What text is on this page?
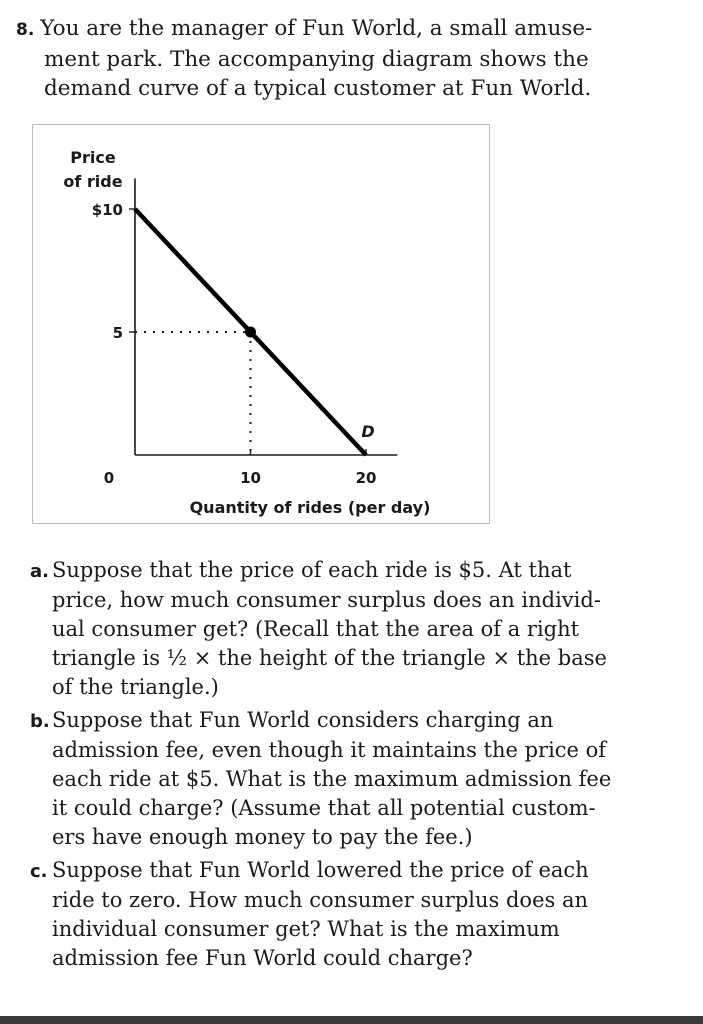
8. You are the manager of Fun World, a small amuse-
ment park. The accompanying diagram shows the
demand curve of a typical customer at Fun World.
Price
of ride
$10
5
0	10	20
Quantity of rides (per day)
D
a. Suppose that the price of each ride is $5. At that
price, how much consumer surplus does an individ-
ual consumer get? (Recall that the area of a right
triangle is ½ × the height of the triangle × the base
of the triangle.)
b. Suppose that Fun World considers charging an
admission fee, even though it maintains the price of
each ride at $5. What is the maximum admission fee
it could charge? (Assume that all potential custom-
ers have enough money to pay the fee.)
c. Suppose that Fun World lowered the price of each
ride to zero. How much consumer surplus does an
individual consumer get? What is the maximum
admission fee Fun World could charge?
